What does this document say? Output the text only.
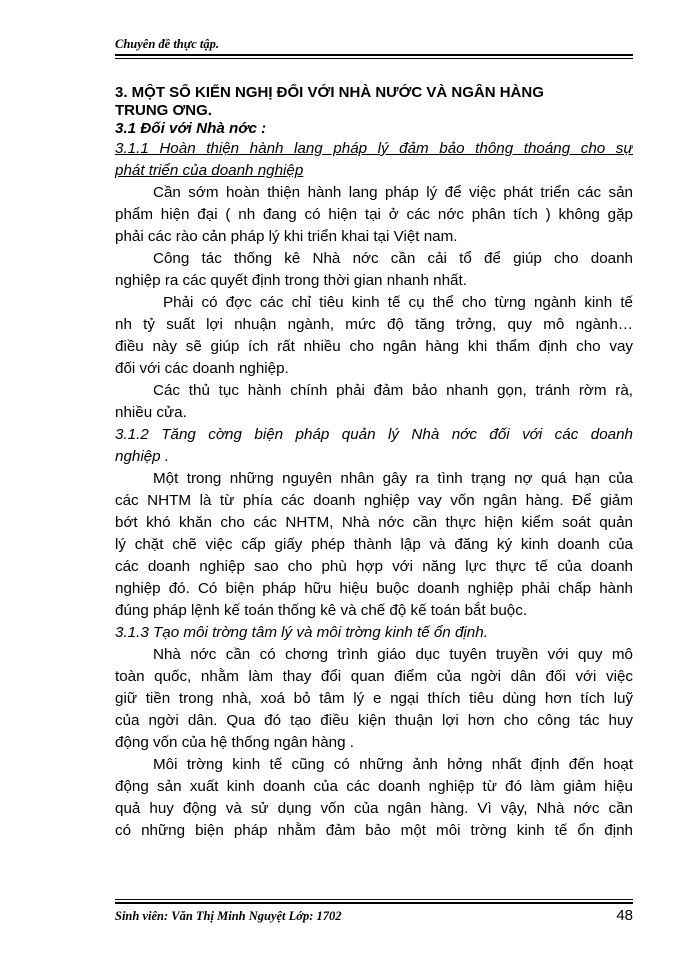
Chuyên đề thực tập.
3. MỘT SỐ KIẾN NGHỊ ĐỐI VỚI NHÀ NƯỚC VÀ NGÂN HÀNG
TRUNG ƠNG.
3.1 Đối với Nhà nớc :
3.1.1 Hoàn thiện hành lang pháp lý đảm bảo thông thoáng cho sự
phát triển của doanh nghiệp
Cần sớm hoàn thiện hành lang pháp lý để việc phát triển các sản
phẩm hiện đại ( nh đang có hiện tại ở các nớc phân tích ) không gặp
phải các rào cản pháp lý khi triển khai tại Việt nam.
Công tác thống kê Nhà nớc cần cải tổ để giúp cho doanh
nghiệp ra các quyết định trong thời gian nhanh nhất.
Phải có đợc các chỉ tiêu kinh tế cụ thể cho từng ngành kinh tế
nh tỷ suất lợi nhuận ngành, mức độ tăng trởng, quy mô ngành…
điều này sẽ giúp ích rất nhiều cho ngân hàng khi thẩm định cho vay
đối với các doanh nghiệp.
Các thủ tục hành chính phải đảm bảo nhanh gọn, tránh rờm rà,
nhiều cửa.
3.1.2 Tăng cờng biện pháp quản lý Nhà nớc đối với các doanh
nghiệp .
Một trong những nguyên nhân gây ra tình trạng nợ quá hạn của
các NHTM là từ phía các doanh nghiệp vay vốn ngân hàng. Để giảm
bớt khó khăn cho các NHTM, Nhà nớc cần thực hiện kiểm soát quản
lý chặt chẽ việc cấp giấy phép thành lập và đăng ký kinh doanh của
các doanh nghiệp sao cho phù hợp với năng lực thực tế của doanh
nghiệp đó. Có biện pháp hữu hiệu buộc doanh nghiệp phải chấp hành
đúng pháp lệnh kế toán thống kê và chế độ kế toán bắt buộc.
3.1.3 Tạo môi trờng tâm lý và môi trờng kinh tế ổn định.
Nhà nớc cần có chơng trình giáo dục tuyên truyền với quy mô
toàn quốc, nhằm làm thay đổi quan điểm của ngời dân đối với việc
giữ tiền trong nhà, xoá bỏ tâm lý e ngại thích tiêu dùng hơn tích luỹ
của ngời dân. Qua đó tạo điều kiện thuận lợi hơn cho công tác huy
động vốn của hệ thống ngân hàng .
Môi trờng kinh tế cũng có những ảnh hởng nhất định đến hoạt
động sản xuất kinh doanh của các doanh nghiệp từ đó làm giảm hiệu
quả huy động và sử dụng vốn của ngân hàng. Vì vậy, Nhà nớc cần
có những biện pháp nhằm đảm bảo một môi trờng kinh tế ổn định
Sinh viên: Văn Thị Minh Nguyệt Lớp: 1702	48
